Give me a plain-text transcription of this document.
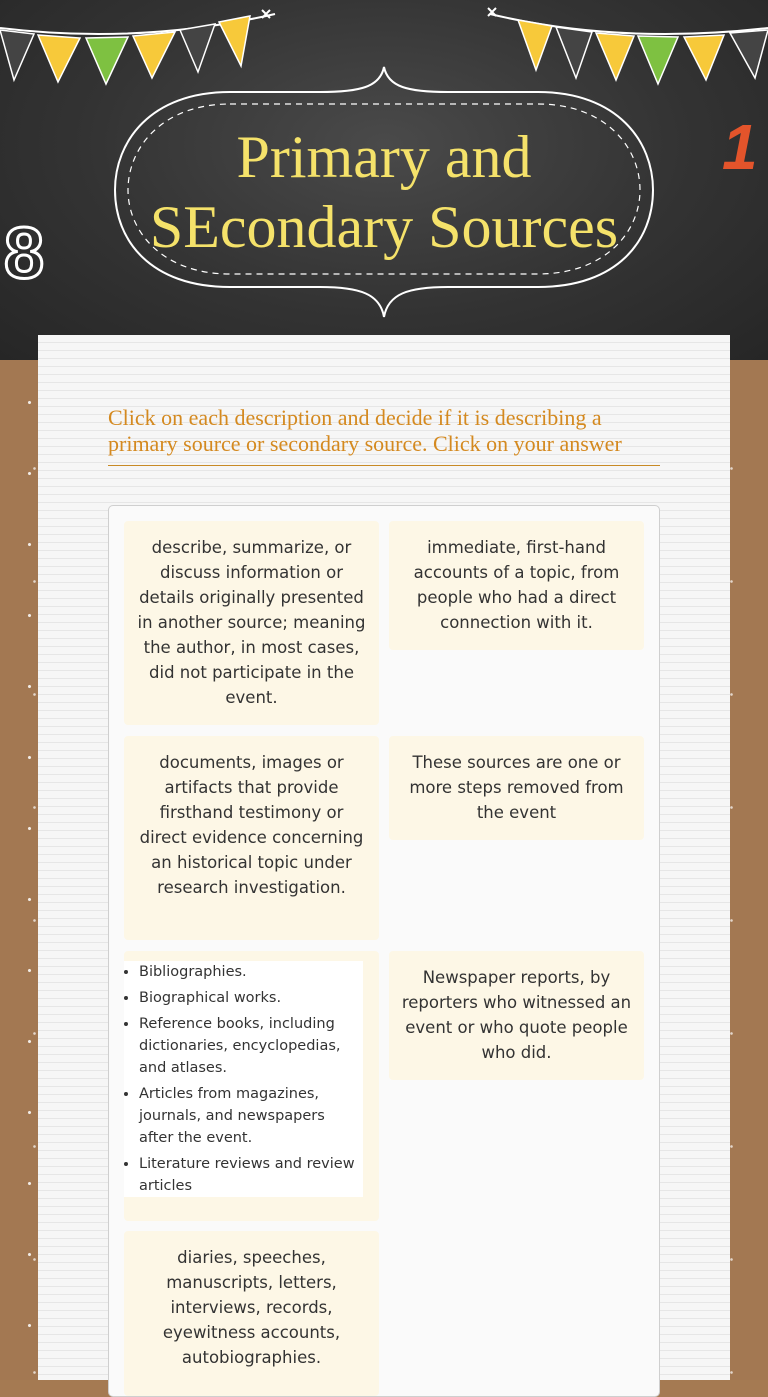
Primary and
SEcondary Sources
8
1

Click on each description and decide if it is describing a primary source or secondary source. Click on your answer

describe, summarize, or discuss information or details originally presented in another source; meaning the author, in most cases, did not participate in the event.

immediate, first-hand accounts of a topic, from people who had a direct connection with it.

documents, images or artifacts that provide firsthand testimony or direct evidence concerning an historical topic under research investigation.

These sources are one or more steps removed from the event

• Bibliographies.
• Biographical works.
• Reference books, including dictionaries, encyclopedias, and atlases.
• Articles from magazines, journals, and newspapers after the event.
• Literature reviews and review articles

Newspaper reports, by reporters who witnessed an event or who quote people who did.

diaries, speeches, manuscripts, letters, interviews, records, eyewitness accounts, autobiographies.
